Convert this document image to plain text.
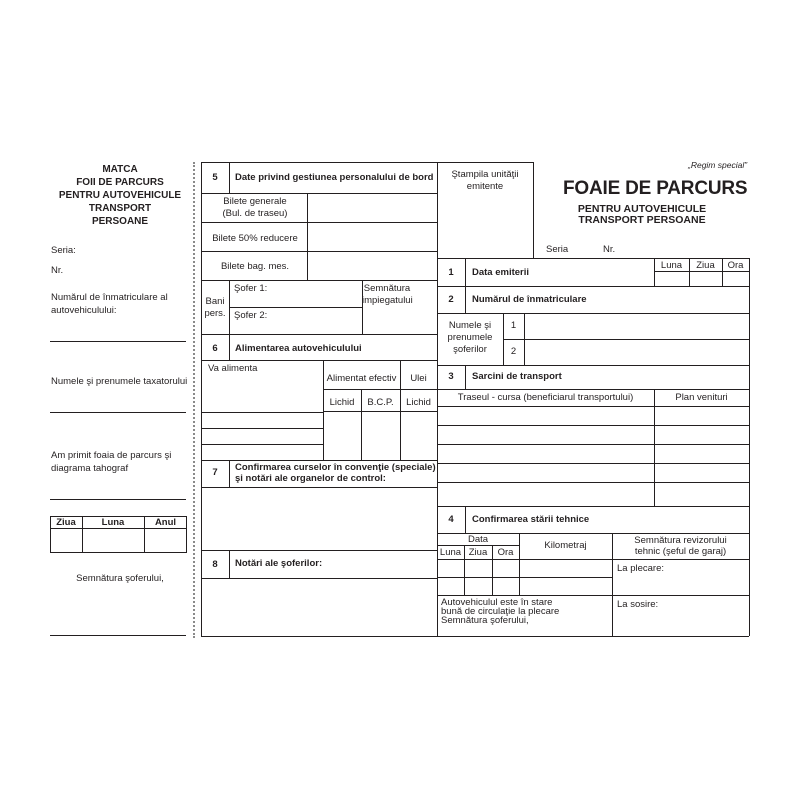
MATCA
FOII DE PARCURS
PENTRU AUTOVEHICULE
TRANSPORT
PERSOANE
Seria:
Nr.
Numărul de înmatriculare al
autovehiculului:
Numele şi prenumele taxatorului
Am primit foaia de parcurs şi
diagrama tahograf
Ziua	Luna	Anul
Semnătura şoferului,
5	Date privind gestiunea personalului de bord
Bilete generale
(Bul. de traseu)
Bilete 50% reducere
Bilete bag. mes.
Bani
pers.
Şofer 1:
Şofer 2:
Semnătura
impiegatului
6	Alimentarea autovehiculului
Va alimenta
Alimentat efectiv	Ulei
Lichid	B.C.P.	Lichid
7	Confirmarea curselor în convenţie (speciale)
şi notări ale organelor de control:
8	Notări ale şoferilor:
Ştampila unităţii
emitente
„Regim special”
FOAIE DE PARCURS
PENTRU AUTOVEHICULE
TRANSPORT PERSOANE
Seria	Nr.
1	Data emiterii
Luna	Ziua	Ora
2	Numărul de înmatriculare
Numele şi
prenumele
şoferilor
1
2
3	Sarcini de transport
Traseul - cursa (beneficiarul transportului)	Plan venituri
4	Confirmarea stării tehnice
Data
Luna Ziua	Ora
Kilometraj	Semnătura revizorului
tehnic (şeful de garaj)
La plecare:
La sosire:
Autovehiculul este în stare
bună de circulaţie la plecare
Semnătura şoferului,
